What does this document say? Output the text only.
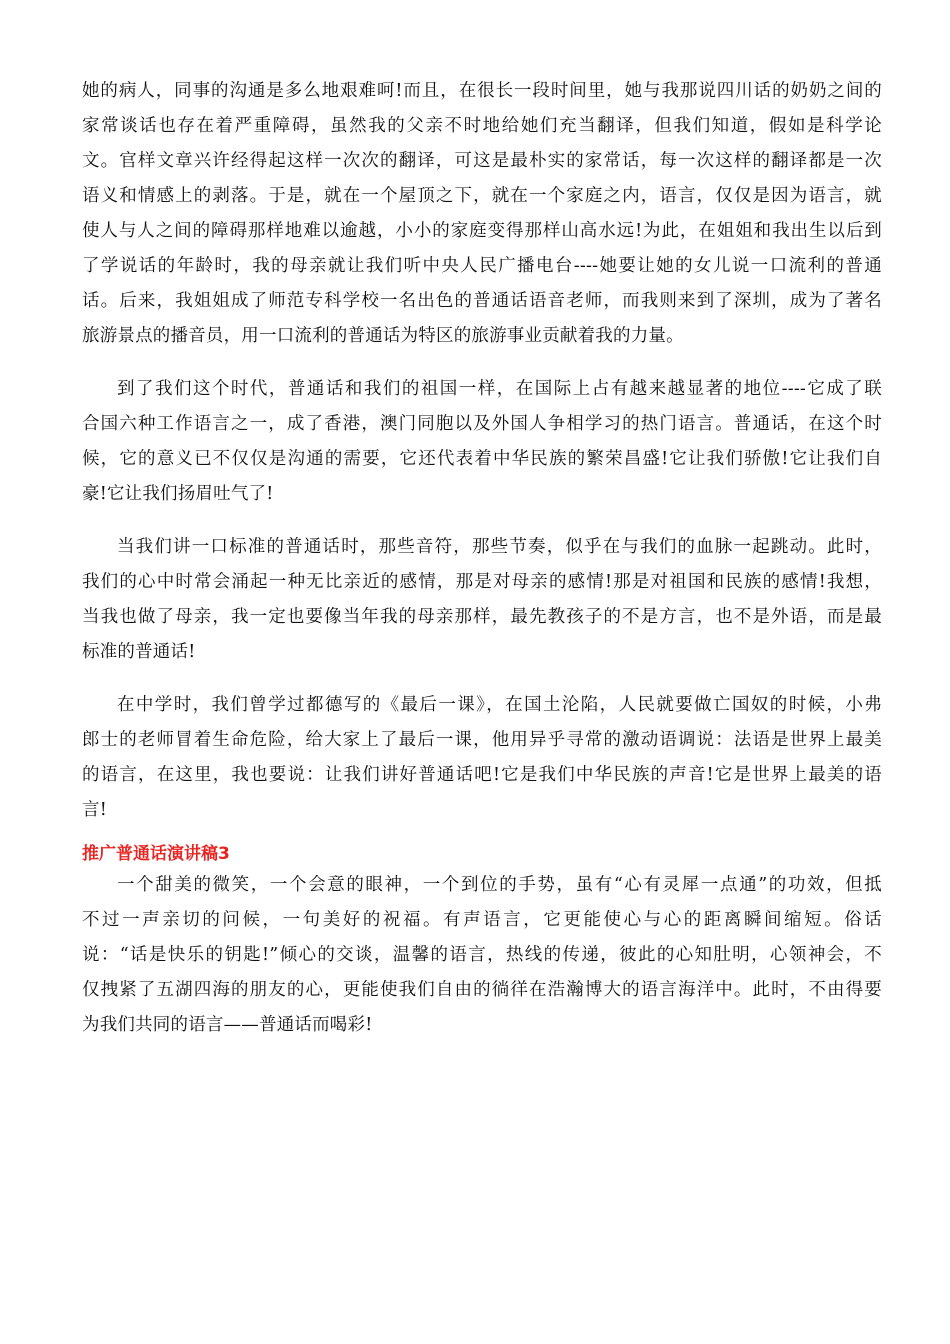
她的病人，同事的沟通是多么地艰难呵!而且，在很长一段时间里，她与我那说四川话的奶奶之间的
家常谈话也存在着严重障碍，虽然我的父亲不时地给她们充当翻译，但我们知道，假如是科学论
文。官样文章兴许经得起这样一次次的翻译，可这是最朴实的家常话，每一次这样的翻译都是一次
语义和情感上的剥落。于是，就在一个屋顶之下，就在一个家庭之内，语言，仅仅是因为语言，就
使人与人之间的障碍那样地难以逾越，小小的家庭变得那样山高水远!为此，在姐姐和我出生以后到
了学说话的年龄时，我的母亲就让我们听中央人民广播电台----她要让她的女儿说一口流利的普通
话。后来，我姐姐成了师范专科学校一名出色的普通话语音老师，而我则来到了深圳，成为了著名
旅游景点的播音员，用一口流利的普通话为特区的旅游事业贡献着我的力量。
到了我们这个时代，普通话和我们的祖国一样，在国际上占有越来越显著的地位----它成了联
合国六种工作语言之一，成了香港，澳门同胞以及外国人争相学习的热门语言。普通话，在这个时
候，它的意义已不仅仅是沟通的需要，它还代表着中华民族的繁荣昌盛!它让我们骄傲!它让我们自
豪!它让我们扬眉吐气了!
当我们讲一口标准的普通话时，那些音符，那些节奏，似乎在与我们的血脉一起跳动。此时，
我们的心中时常会涌起一种无比亲近的感情，那是对母亲的感情!那是对祖国和民族的感情!我想，
当我也做了母亲，我一定也要像当年我的母亲那样，最先教孩子的不是方言，也不是外语，而是最
标准的普通话!
在中学时，我们曾学过都德写的《最后一课》，在国土沦陷，人民就要做亡国奴的时候，小弗
郎士的老师冒着生命危险，给大家上了最后一课，他用异乎寻常的激动语调说：法语是世界上最美
的语言，在这里，我也要说：让我们讲好普通话吧!它是我们中华民族的声音!它是世界上最美的语
言!
推广普通话演讲稿3
一个甜美的微笑，一个会意的眼神，一个到位的手势，虽有“心有灵犀一点通”的功效，但抵
不过一声亲切的问候，一句美好的祝福。有声语言，它更能使心与心的距离瞬间缩短。俗话
说：“话是快乐的钥匙!”倾心的交谈，温馨的语言，热线的传递，彼此的心知肚明，心领神会，不
仅拽紧了五湖四海的朋友的心，更能使我们自由的徜徉在浩瀚博大的语言海洋中。此时，不由得要
为我们共同的语言——普通话而喝彩!
